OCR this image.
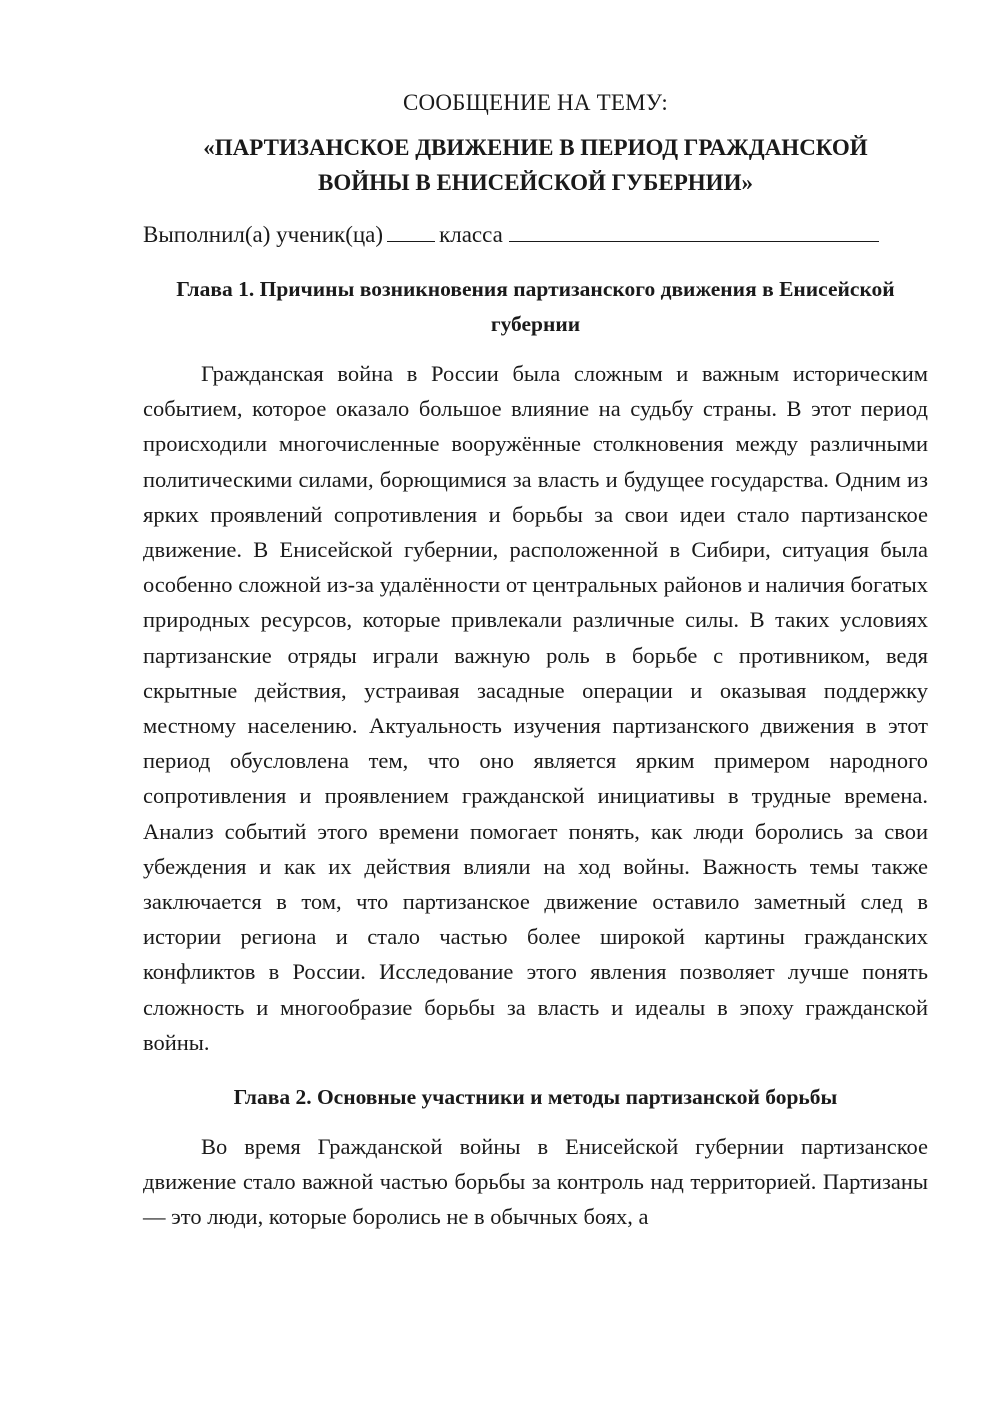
СООБЩЕНИЕ НА ТЕМУ:
«ПАРТИЗАНСКОЕ ДВИЖЕНИЕ В ПЕРИОД ГРАЖДАНСКОЙ ВОЙНЫ В ЕНИСЕЙСКОЙ ГУБЕРНИИ»
Выполнил(а) ученик(ца) класса
Глава 1. Причины возникновения партизанского движения в Енисейской губернии

Гражданская война в России была сложным и важным историческим событием, которое оказало большое влияние на судьбу страны. В этот период происходили многочисленные вооружённые столкновения между различными политическими силами, борющимися за власть и будущее государства. Одним из ярких проявлений сопротивления и борьбы за свои идеи стало партизанское движение. В Енисейской губернии, расположенной в Сибири, ситуация была особенно сложной из-за удалённости от центральных районов и наличия богатых природных ресурсов, которые привлекали различные силы. В таких условиях партизанские отряды играли важную роль в борьбе с противником, ведя скрытные действия, устраивая засадные операции и оказывая поддержку местному населению. Актуальность изучения партизанского движения в этот период обусловлена тем, что оно является ярким примером народного сопротивления и проявлением гражданской инициативы в трудные времена. Анализ событий этого времени помогает понять, как люди боролись за свои убеждения и как их действия влияли на ход войны. Важность темы также заключается в том, что партизанское движение оставило заметный след в истории региона и стало частью более широкой картины гражданских конфликтов в России. Исследование этого явления позволяет лучше понять сложность и многообразие борьбы за власть и идеалы в эпоху гражданской войны.

Глава 2. Основные участники и методы партизанской борьбы

Во время Гражданской войны в Енисейской губернии партизанское движение стало важной частью борьбы за контроль над территорией. Партизаны — это люди, которые боролись не в обычных боях, а
